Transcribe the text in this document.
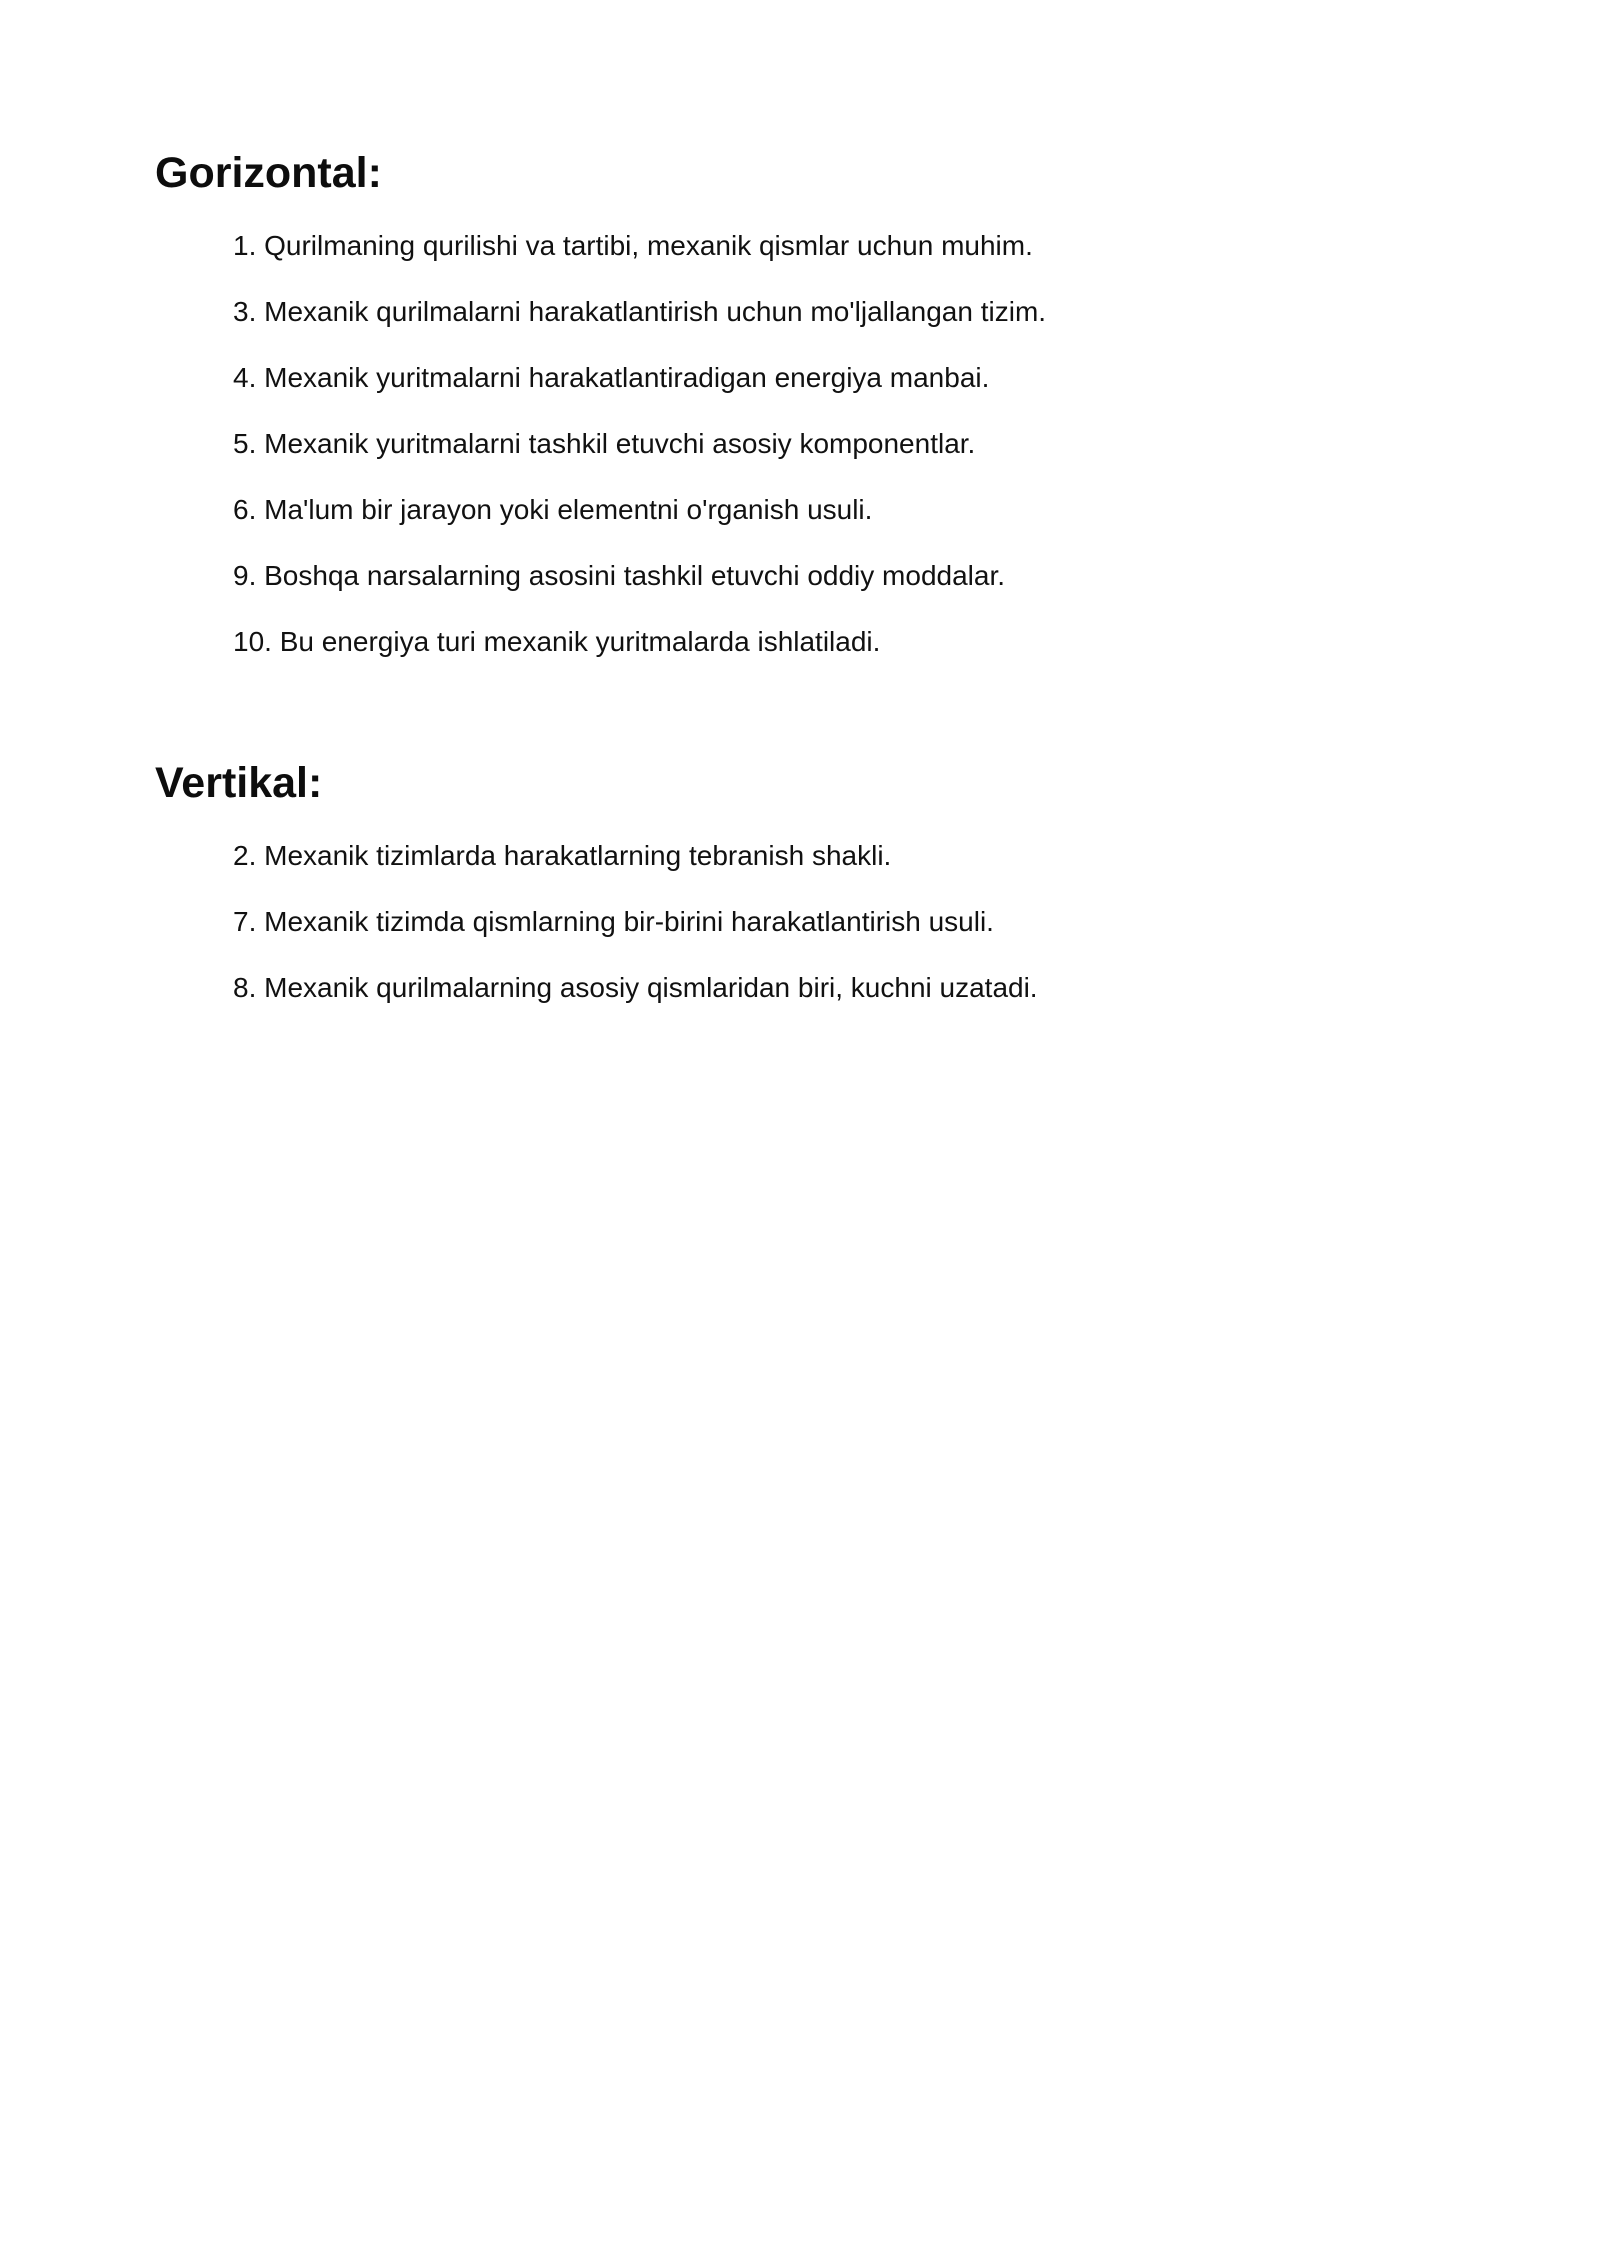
Gorizontal:
1. Qurilmaning qurilishi va tartibi, mexanik qismlar uchun muhim.
3. Mexanik qurilmalarni harakatlantirish uchun mo'ljallangan tizim.
4. Mexanik yuritmalarni harakatlantiradigan energiya manbai.
5. Mexanik yuritmalarni tashkil etuvchi asosiy komponentlar.
6. Ma'lum bir jarayon yoki elementni o'rganish usuli.
9. Boshqa narsalarning asosini tashkil etuvchi oddiy moddalar.
10. Bu energiya turi mexanik yuritmalarda ishlatiladi.
Vertikal:
2. Mexanik tizimlarda harakatlarning tebranish shakli.
7. Mexanik tizimda qismlarning bir-birini harakatlantirish usuli.
8. Mexanik qurilmalarning asosiy qismlaridan biri, kuchni uzatadi.
